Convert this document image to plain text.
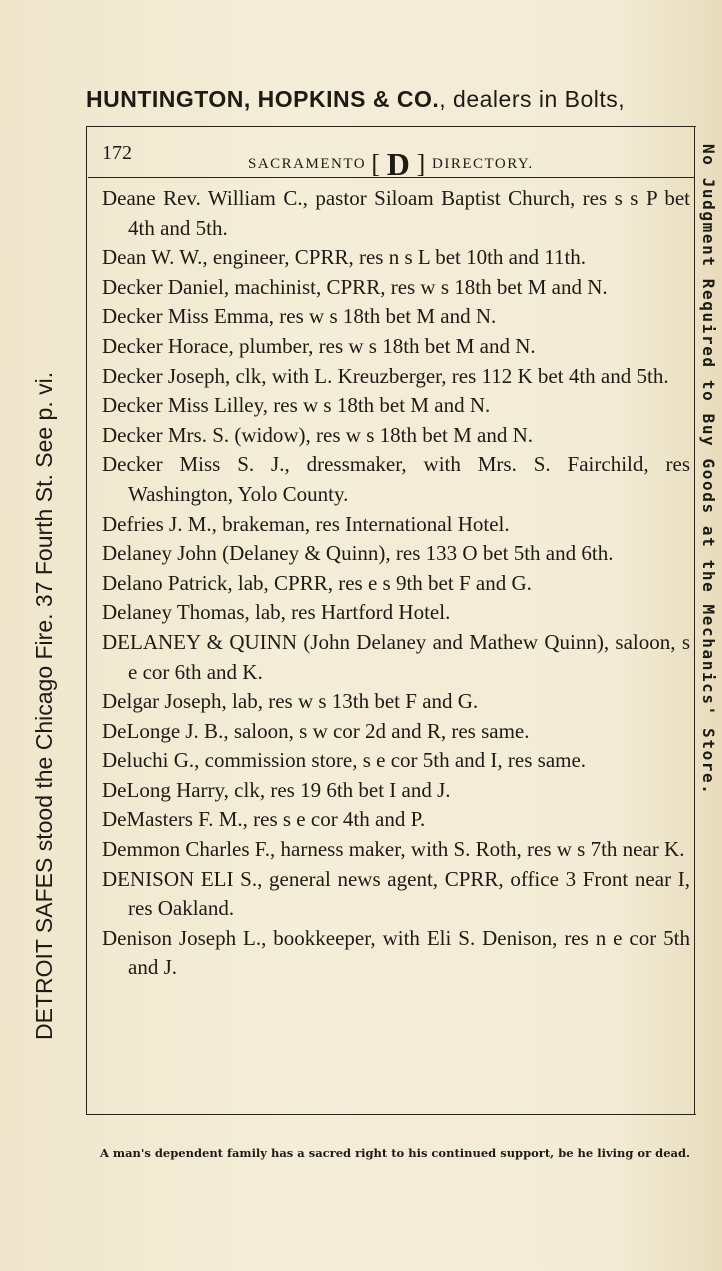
HUNTINGTON, HOPKINS & CO., dealers in Bolts,
172	SACRAMENTO [ D ] DIRECTORY.
Deane Rev. William C., pastor Siloam Baptist Church, res s s P bet 4th and 5th.
Dean W. W., engineer, CPRR, res n s L bet 10th and 11th.
Decker Daniel, machinist, CPRR, res w s 18th bet M and N.
Decker Miss Emma, res w s 18th bet M and N.
Decker Horace, plumber, res w s 18th bet M and N.
Decker Joseph, clk, with L. Kreuzberger, res 112 K bet 4th and 5th.
Decker Miss Lilley, res w s 18th bet M and N.
Decker Mrs. S. (widow), res w s 18th bet M and N.
Decker Miss S. J., dressmaker, with Mrs. S. Fairchild, res Washington, Yolo County.
Defries J. M., brakeman, res International Hotel.
Delaney John (Delaney & Quinn), res 133 O bet 5th and 6th.
Delano Patrick, lab, CPRR, res e s 9th bet F and G.
Delaney Thomas, lab, res Hartford Hotel.
DELANEY & QUINN (John Delaney and Mathew Quinn), saloon, s e cor 6th and K.
Delgar Joseph, lab, res w s 13th bet F and G.
DeLonge J. B., saloon, s w cor 2d and R, res same.
Deluchi G., commission store, s e cor 5th and I, res same.
DeLong Harry, clk, res 19 6th bet I and J.
DeMasters F. M., res s e cor 4th and P.
Demmon Charles F., harness maker, with S. Roth, res w s 7th near K.
DENISON ELI S., general news agent, CPRR, office 3 Front near I, res Oakland.
Denison Joseph L., bookkeeper, with Eli S. Denison, res n e cor 5th and J.
DETROIT SAFES stood the Chicago Fire. 37 Fourth St. See p. vi.	No Judgment Required to Buy Goods at the Mechanics' Store.
A man's dependent family has a sacred right to his continued support, be he living or dead.
